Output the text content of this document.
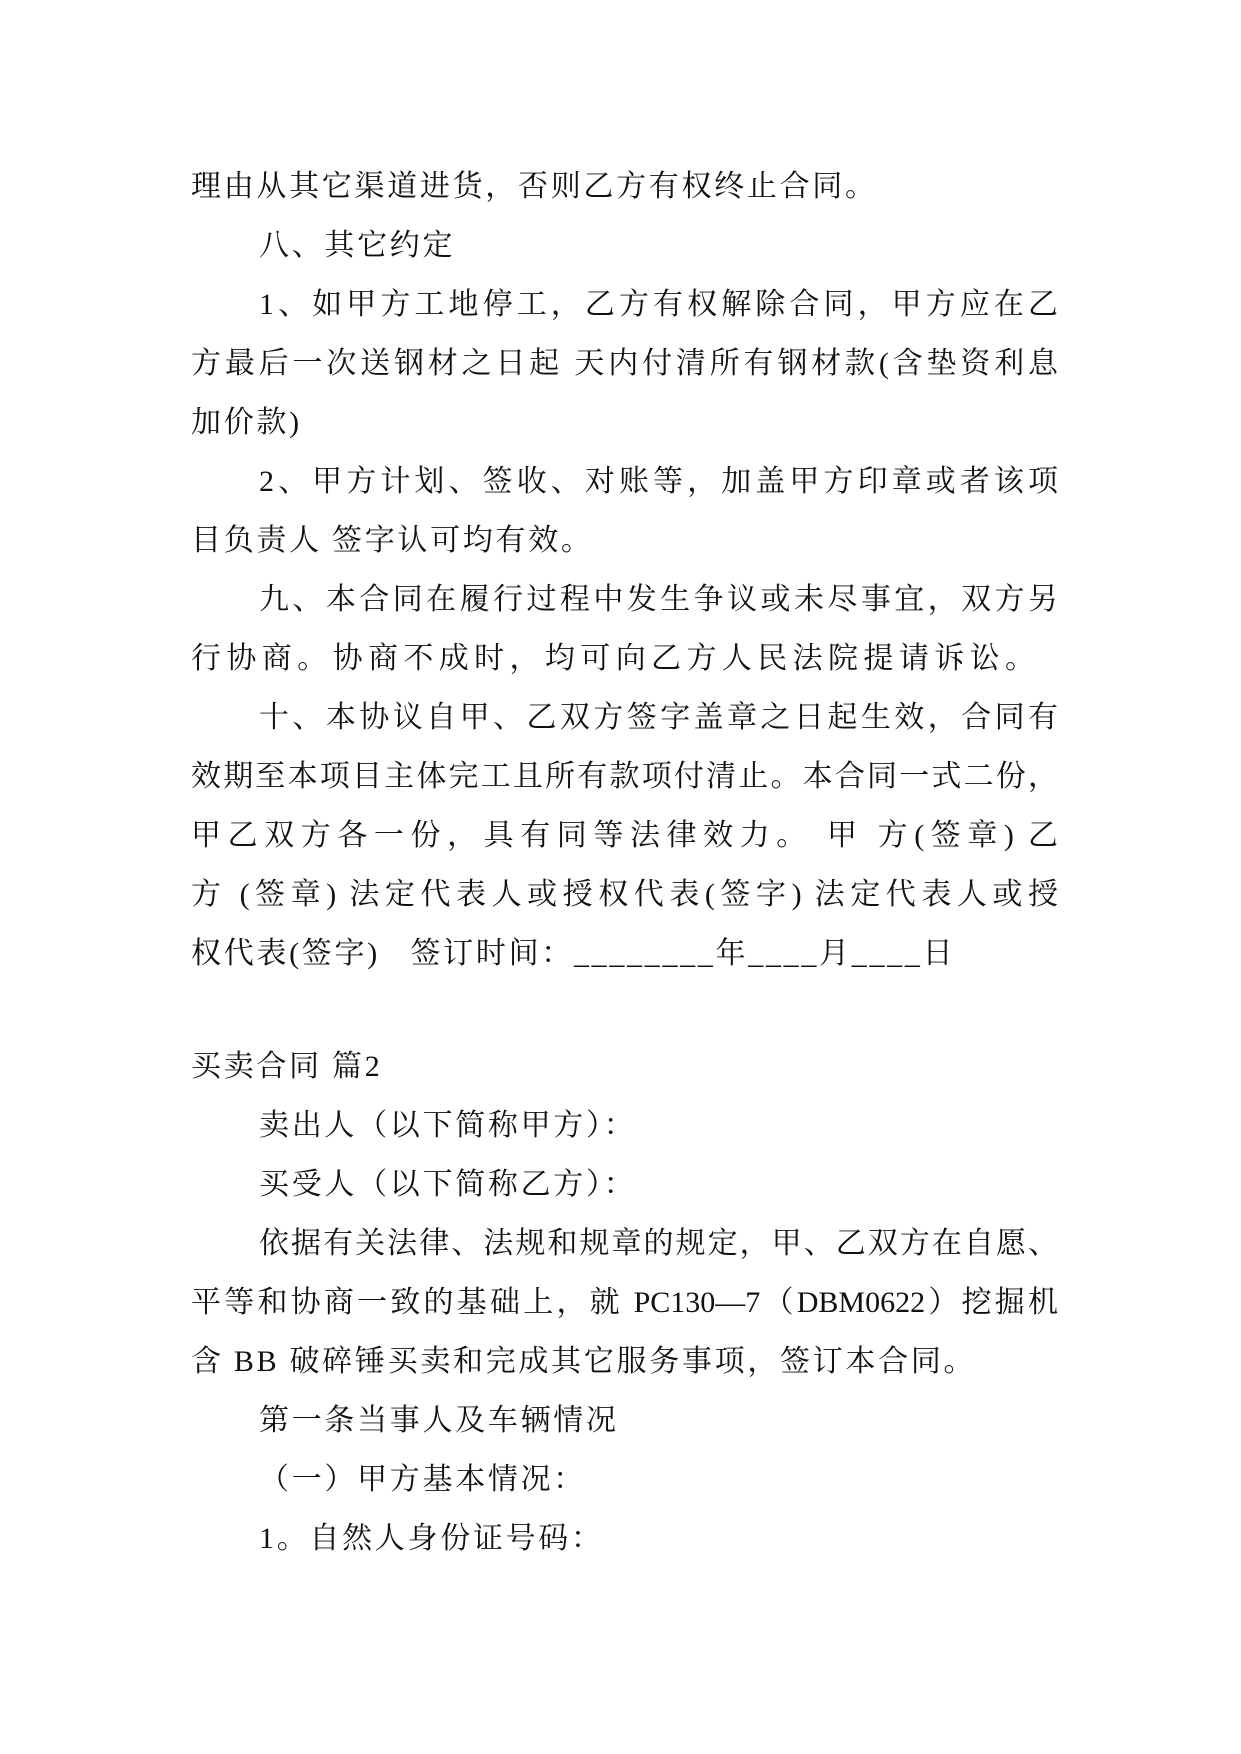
理由从其它渠道进货，否则乙方有权终止合同。
八、其它约定
1、如甲方工地停工，乙方有权解除合同，甲方应在乙
方最后一次送钢材之日起 天内付清所有钢材款(含垫资利息
加价款)
2、甲方计划、签收、对账等，加盖甲方印章或者该项
目负责人 签字认可均有效。
九、本合同在履行过程中发生争议或未尽事宜，双方另
行协商。协商不成时，均可向乙方人民法院提请诉讼。
十、本协议自甲、乙双方签字盖章之日起生效，合同有
效期至本项目主体完工且所有款项付清止。本合同一式二份，
甲乙双方各一份，具有同等法律效力。 甲 方(签章) 乙
方 (签章) 法定代表人或授权代表(签字) 法定代表人或授
权代表(签字)   签订时间：________年____月____日
买卖合同 篇2
卖出人（以下简称甲方）：
买受人（以下简称乙方）：
依据有关法律、法规和规章的规定，甲、乙双方在自愿、
平等和协商一致的基础上，就 PC130—7（DBM0622）挖掘机
含 BB 破碎锤买卖和完成其它服务事项，签订本合同。
第一条当事人及车辆情况
（一）甲方基本情况：
1。自然人身份证号码：
